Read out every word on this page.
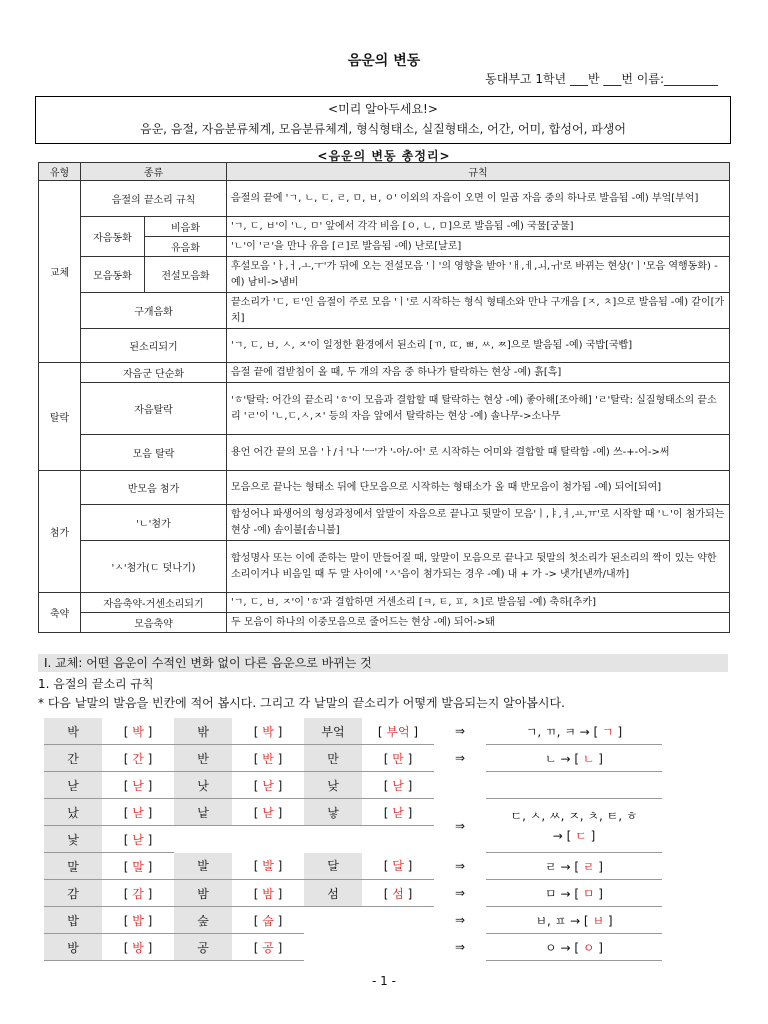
음운의 변동
동대부고 1학년 ___반 ___번 이름:_________
<미리 알아두세요!>
음운, 음절, 자음분류체계, 모음분류체계, 형식형태소, 실질형태소, 어간, 어미, 합성어, 파생어
<음운의 변동 총정리>
유형	종류		규칙
교체	음절의 끝소리 규칙		음절의 끝에 'ㄱ, ㄴ, ㄷ, ㄹ, ㅁ, ㅂ, ㅇ' 이외의 자음이 오면 이 일곱 자음 중의 하나로 발음됨 -예) 부엌[부억]
	자음동화	비음화	'ㄱ, ㄷ, ㅂ'이 'ㄴ, ㅁ' 앞에서 각각 비음 [ㅇ, ㄴ, ㅁ]으로 발음됨 -예) 국물[궁물]
		유음화	'ㄴ'이 'ㄹ'을 만나 유음 [ㄹ]로 발음됨 -예) 난로[날로]
	모음동화	전설모음화	후설모음 'ㅏ,ㅓ,ㅗ,ㅜ'가 뒤에 오는 전설모음 'ㅣ'의 영향을 받아 'ㅐ,ㅔ,ㅚ,ㅟ'로 바뀌는 현상('ㅣ'모음 역행동화) -예) 남비->냄비
	구개음화		끝소리가 'ㄷ, ㅌ'인 음절이 주로 모음 'ㅣ'로 시작하는 형식 형태소와 만나 구개음 [ㅈ, ㅊ]으로 발음됨 -예) 같이[가치]
	된소리되기		'ㄱ, ㄷ, ㅂ, ㅅ, ㅈ'이 일정한 환경에서 된소리 [ㄲ, ㄸ, ㅃ, ㅆ, ㅉ]으로 발음됨 -예) 국밥[국빱]
탈락	자음군 단순화		음절 끝에 겹받침이 올 때, 두 개의 자음 중 하나가 탈락하는 현상 -예) 흙[흑]
	자음탈락		'ㅎ'탈락: 어간의 끝소리 'ㅎ'이 모음과 결합할 때 탈락하는 현상 -예) 좋아해[조아해] 'ㄹ'탈락: 실질형태소의 끝소리 'ㄹ'이 'ㄴ,ㄷ,ㅅ,ㅈ' 등의 자음 앞에서 탈락하는 현상 -예) 솔나무->소나무
	모음 탈락		용언 어간 끝의 모음 'ㅏ/ㅓ'나 'ㅡ'가 '-아/-어' 로 시작하는 어미와 결합할 때 탈락함 -예) 쓰-+-어->써
첨가	반모음 첨가		모음으로 끝나는 형태소 뒤에 단모음으로 시작하는 형태소가 올 때 반모음이 첨가됨 -예) 되어[되여]
	'ㄴ'첨가		합성어나 파생어의 형성과정에서 앞말이 자음으로 끝나고 뒷말이 모음'ㅣ,ㅑ,ㅕ,ㅛ,ㅠ'로 시작할 때 'ㄴ'이 첨가되는 현상 -예) 솜이불[솜니불]
	'ㅅ'첨가(ㄷ 덧나기)		합성명사 또는 이에 준하는 말이 만들어질 때, 앞말이 모음으로 끝나고 뒷말의 첫소리가 된소리의 짝이 있는 약한 소리이거나 비음일 때 두 말 사이에 'ㅅ'음이 첨가되는 경우 -예) 내 + 가 -> 냇가[낻까/내까]
축약	자음축약-거센소리되기		'ㄱ, ㄷ, ㅂ, ㅈ'이 'ㅎ'과 결합하면 거센소리 [ㅋ, ㅌ, ㅍ, ㅊ]로 발음됨 -예) 축하[추카]
	모음축약		두 모음이 하나의 이중모음으로 줄어드는 현상 -예) 되어->돼
Ⅰ. 교체: 어떤 음운이 수적인 변화 없이 다른 음운으로 바뀌는 것
1. 음절의 끝소리 규칙
* 다음 낱말의 발음을 빈칸에 적어 봅시다. 그리고 각 낱말의 끝소리가 어떻게 발음되는지 알아봅시다.
박	[ 박 ]	밖	[ 박 ]	부엌	[ 부억 ]	⇒	ㄱ, ㄲ, ㅋ → [ ㄱ ]
간	[ 간 ]	반	[ 반 ]	만	[ 만 ]	⇒	ㄴ → [ ㄴ ]
낟	[ 낟 ]	낫	[ 낟 ]	낮	[ 낟 ]		
났	[ 낟 ]	낱	[ 낟 ]	낳	[ 낟 ]	⇒	ㄷ, ㅅ, ㅆ, ㅈ, ㅊ, ㅌ, ㅎ
→ [ ㄷ ]

낯	[ 낟 ]						
말	[ 말 ]	발	[ 발 ]	달	[ 달 ]	⇒	ㄹ → [ ㄹ ]
감	[ 감 ]	밤	[ 밤 ]	섬	[ 섬 ]	⇒	ㅁ → [ ㅁ ]
밥	[ 밥 ]	숲	[ 숩 ]			⇒	ㅂ, ㅍ → [ ㅂ ]
방	[ 방 ]	공	[ 공 ]			⇒	ㅇ → [ ㅇ ]
- 1 -
